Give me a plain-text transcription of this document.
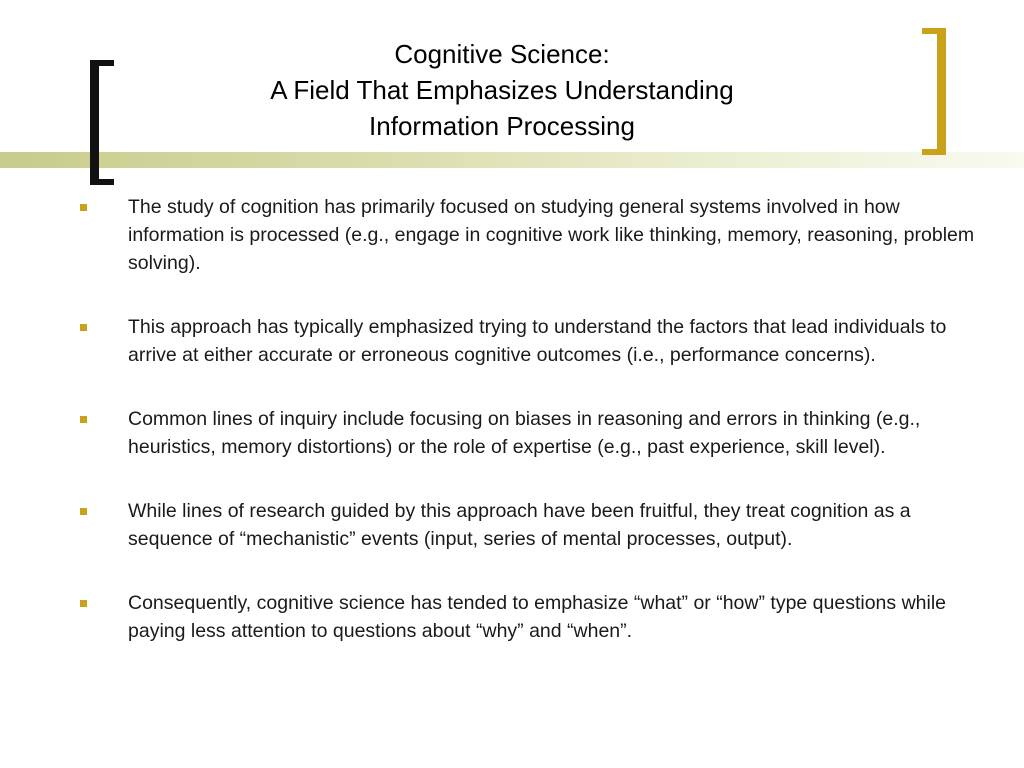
Cognitive Science:
A Field That Emphasizes Understanding
Information Processing
The study of cognition has primarily focused on studying general systems involved in how information is processed (e.g., engage in cognitive work like thinking, memory, reasoning, problem solving).
This approach has typically emphasized trying to understand the factors that lead individuals to arrive at either accurate or erroneous cognitive outcomes (i.e., performance concerns).
Common lines of inquiry include focusing on biases in reasoning and errors in thinking (e.g., heuristics, memory distortions) or the role of expertise (e.g., past experience, skill level).
While lines of research guided by this approach have been fruitful, they treat cognition as a sequence of “mechanistic” events (input, series of mental processes, output).
Consequently, cognitive science has tended to emphasize “what” or “how” type questions while paying less attention to questions about “why” and “when”.
